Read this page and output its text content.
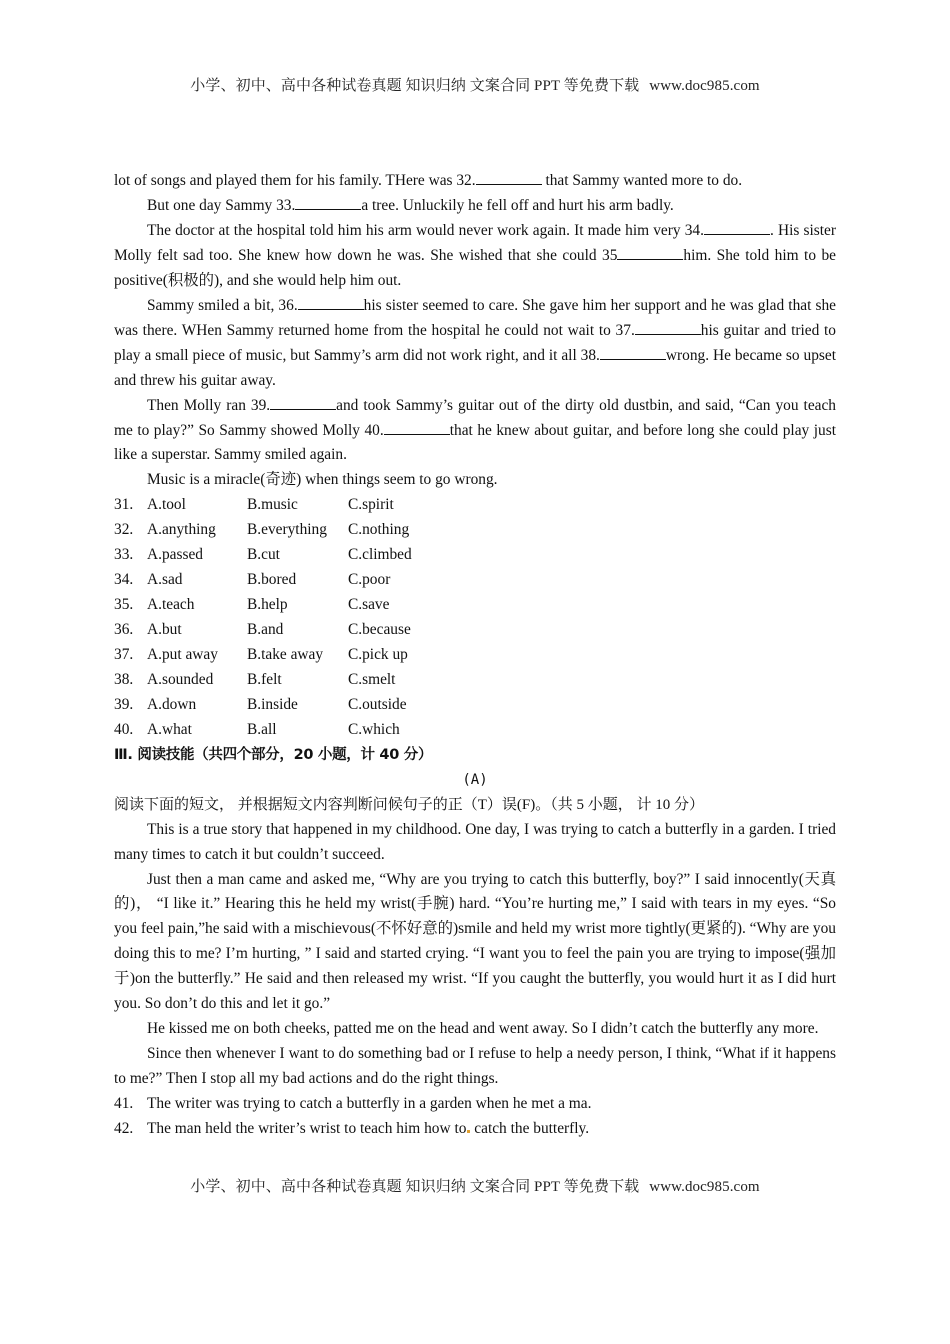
小学、初中、高中各种试卷真题 知识归纳 文案合同 PPT 等免费下载 www.doc985.com

lot of songs and played them for his family. THere was 32.	that Sammy wanted more to do.

But one day Sammy 33.	a tree. Unluckily he fell off and hurt his arm badly.

The doctor at the hospital told him his arm would never work again. It made him very 34.	. His sister Molly felt sad too. She knew how down he was. She wished that she could 35	him. She told him to be positive(积极的), and she would help him out.

Sammy smiled a bit, 36.	his sister seemed to care. She gave him her support and he was glad that she was there. WHen Sammy returned home from the hospital he could not wait to 37.	his guitar and tried to play a small piece of music, but Sammy’s arm did not work right, and it all 38.	wrong. He became so upset and threw his guitar away.

Then Molly ran 39.	and took Sammy’s guitar out of the dirty old dustbin, and said, “Can you teach me to play?” So Sammy showed Molly 40.	that he knew about guitar, and before long she could play just like a superstar. Sammy smiled again.

Music is a miracle(奇迹) when things seem to go wrong.

31. A.tool	B.music	C.spirit
32. A.anything	B.everything	C.nothing
33. A.passed	B.cut	C.climbed
34. A.sad	B.bored	C.poor
35. A.teach	B.help	C.save
36. A.but	B.and	C.because
37. A.put away	B.take away	C.pick up
38. A.sounded	B.felt	C.smelt
39. A.down	B.inside	C.outside
40. A.what	B.all	C.which
Ⅲ. 阅读技能（共四个部分，20 小题，计 40 分）
(A)
阅读下面的短文， 并根据短文内容判断问候句子的正（T）误(F)。（共 5 小题， 计 10 分）

This is a true story that happened in my childhood. One day, I was trying to catch a butterfly in a garden. I tried many times to catch it but couldn’t succeed.

Just then a man came and asked me, “Why are you trying to catch this butterfly, boy?” I said innocently(天真的)， “I like it.” Hearing this he held my wrist(手腕) hard. “You’re hurting me,” I said with tears in my eyes. “So you feel pain,”he said with a mischievous(不怀好意的)smile and held my wrist more tightly(更紧的). “Why are you doing this to me? I’m hurting, ” I said and started crying. “I want you to feel the pain you are trying to impose(强加于)on the butterfly.” He said and then released my wrist. “If you caught the butterfly, you would hurt it as I did hurt you. So don’t do this and let it go.”

He kissed me on both cheeks, patted me on the head and went away. So I didn’t catch the butterfly any more.

Since then whenever I want to do something bad or I refuse to help a needy person, I think, “What if it happens to me?” Then I stop all my bad actions and do the right things.

41. The writer was trying to catch a butterfly in a garden when he met a ma.
42. The man held the writer’s wrist to teach him how to catch the butterfly.
小学、初中、高中各种试卷真题 知识归纳 文案合同 PPT 等免费下载 www.doc985.com
